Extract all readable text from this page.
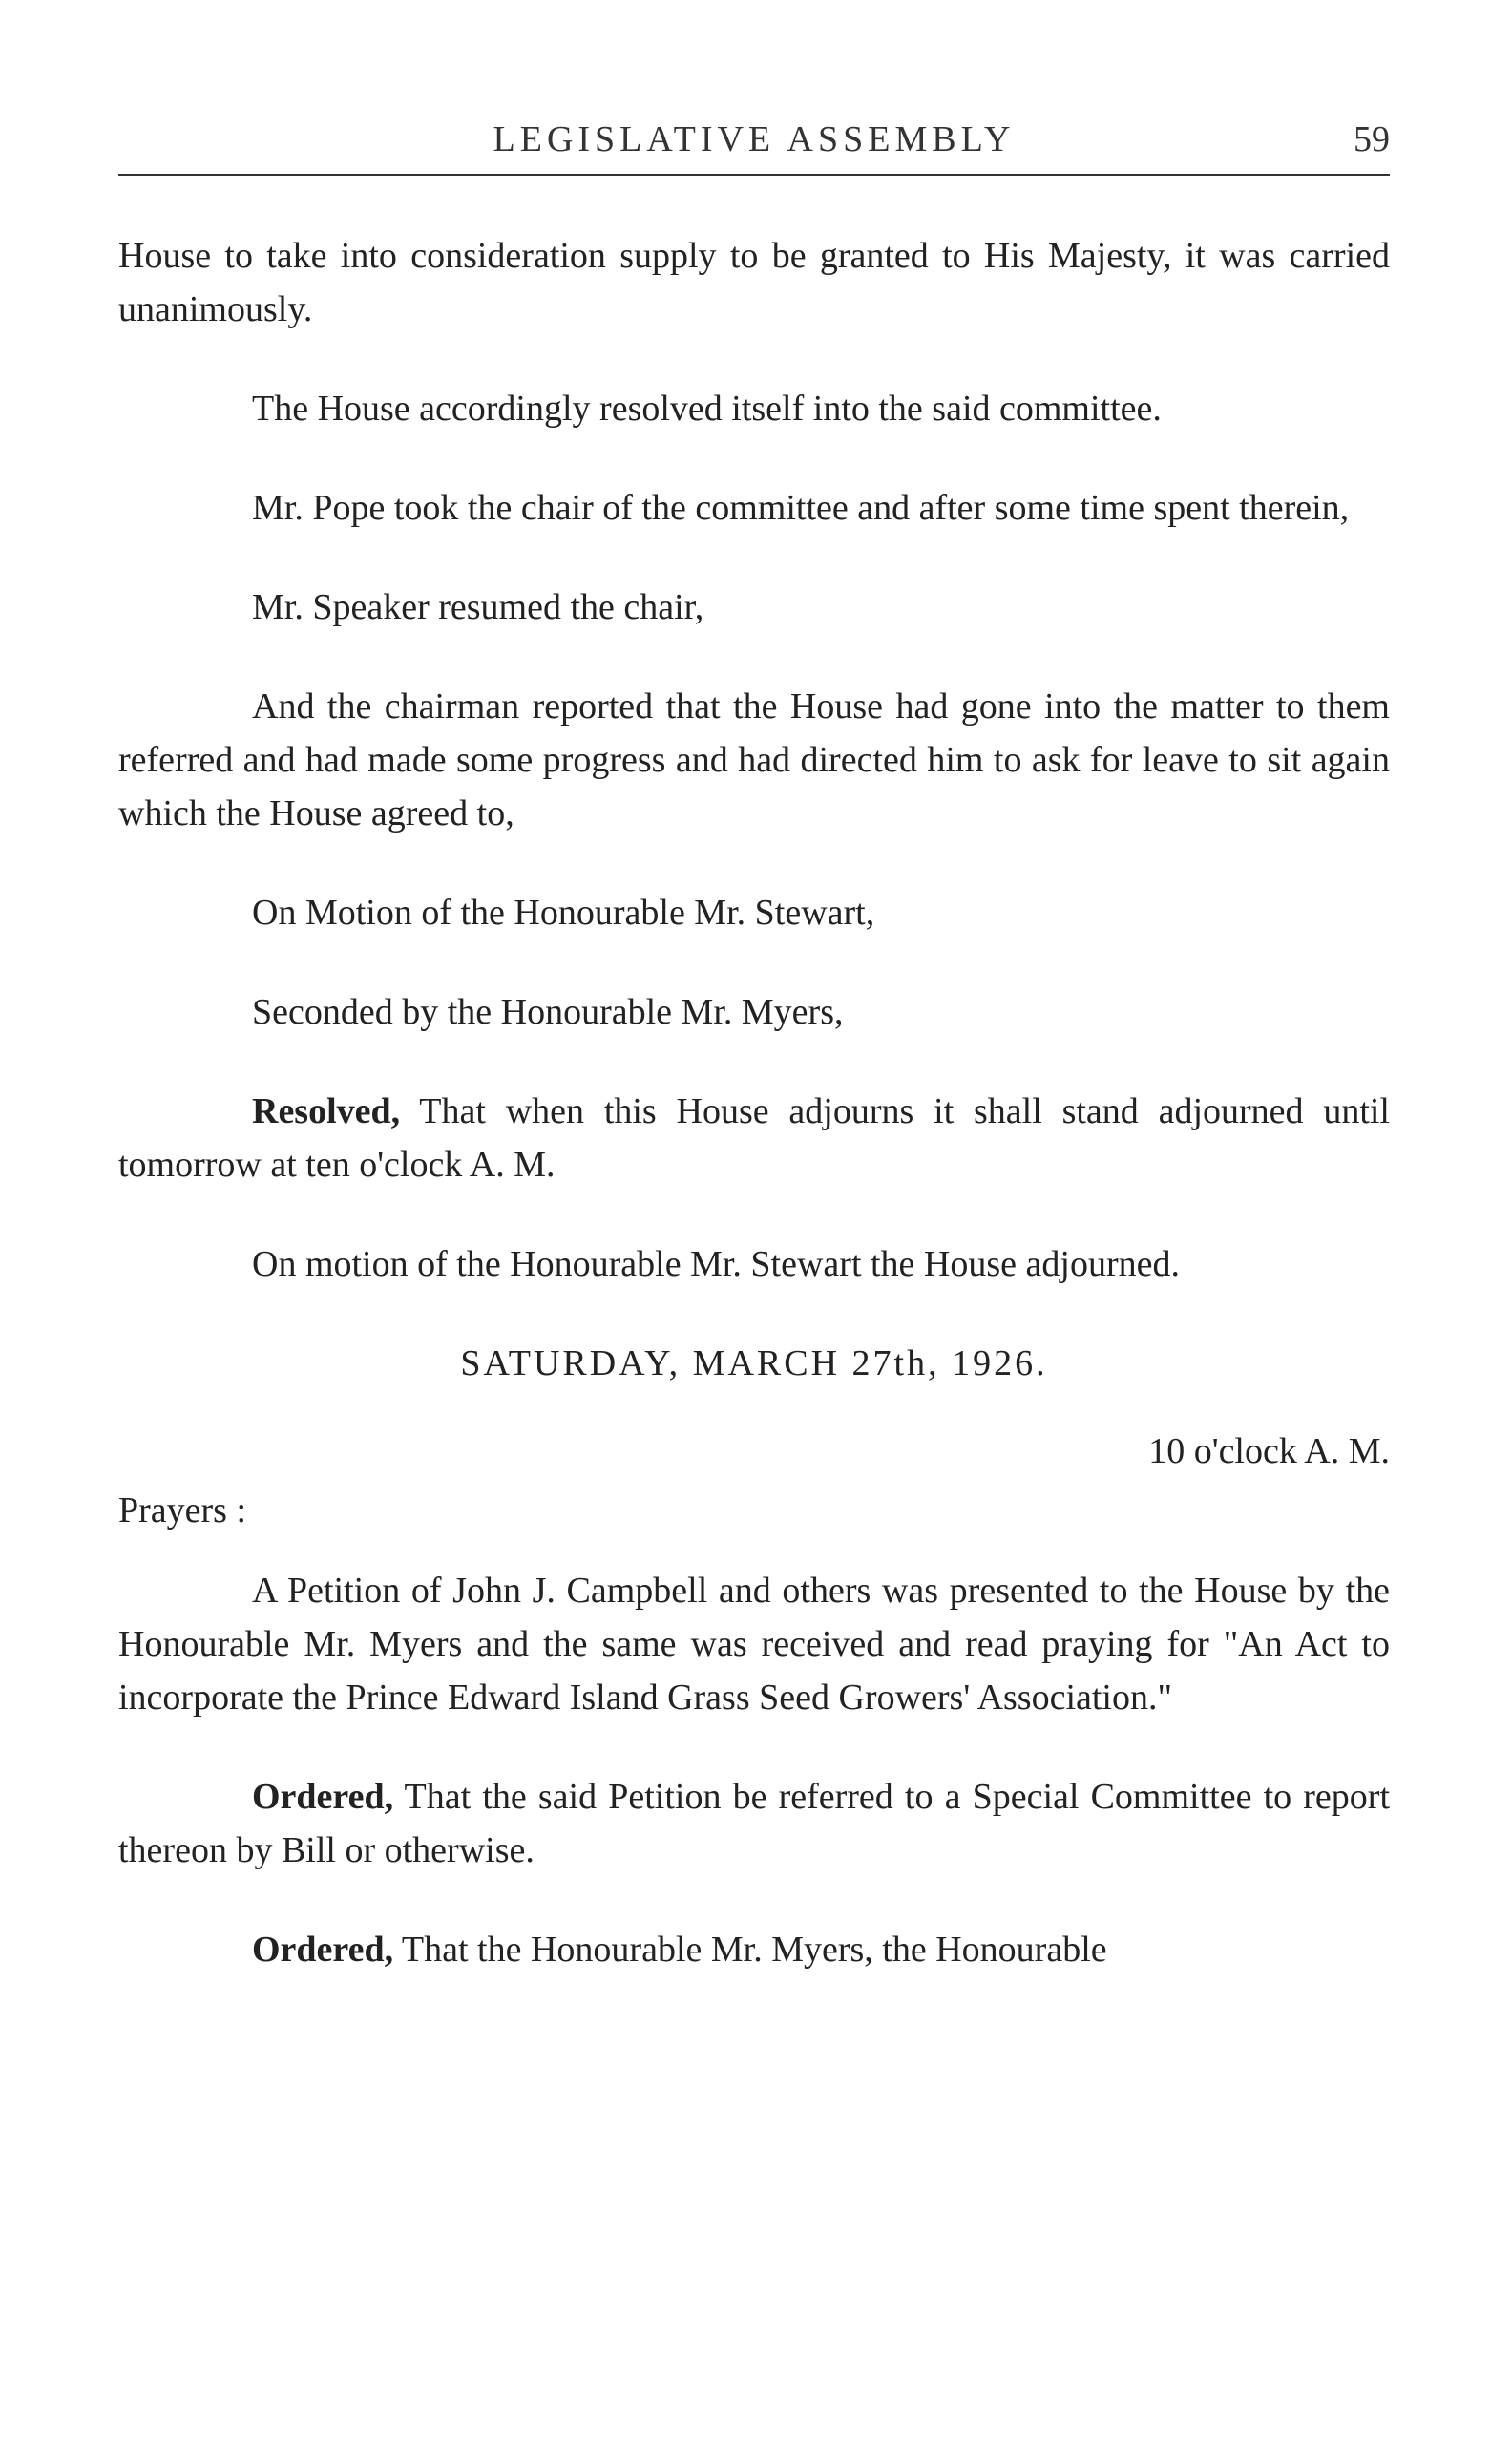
LEGISLATIVE ASSEMBLY	59

House to take into consideration supply to be granted to His Majesty, it was carried unanimously.

The House accordingly resolved itself into the said committee.

Mr. Pope took the chair of the committee and after some time spent therein,

Mr. Speaker resumed the chair,

And the chairman reported that the House had gone into the matter to them referred and had made some progress and had directed him to ask for leave to sit again which the House agreed to,

On Motion of the Honourable Mr. Stewart,

Seconded by the Honourable Mr. Myers,

Resolved, That when this House adjourns it shall stand adjourned until tomorrow at ten o'clock A. M.

On motion of the Honourable Mr. Stewart the House adjourned.

SATURDAY, MARCH 27th, 1926.

10 o'clock A. M.

Prayers :

A Petition of John J. Campbell and others was presented to the House by the Honourable Mr. Myers and the same was received and read praying for "An Act to incorporate the Prince Edward Island Grass Seed Growers' Association."

Ordered, That the said Petition be referred to a Special Committee to report thereon by Bill or otherwise.

Ordered, That the Honourable Mr. Myers, the Honourable
